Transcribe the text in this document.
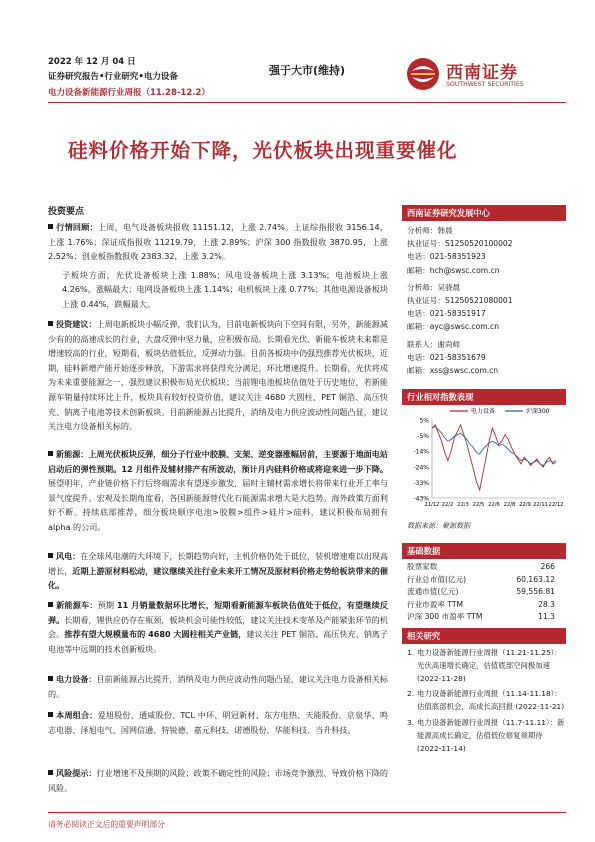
2022 年 12 月 04 日
证券研究报告•行业研究•电力设备
电力设备新能源行业周报（11.28-12.2）
强于大市(维持)	西南证券
SOUTHWEST SECURITIES
硅料价格开始下降，光伏板块出现重要催化
投资要点

行情回顾：上周，电气设备板块报收 11151.12，上涨 2.74%。上证综指报收 3156.14，上涨 1.76%；深证成指报收 11219.79，上涨 2.89%；沪深 300 指数报收 3870.95，上涨 2.52%；创业板指数报收 2383.32，上涨 3.2%。

子板块方面，光伏设备板块上涨 1.88%；风电设备板块上涨 3.13%；电池板块上涨 4.26%，涨幅最大；电网设备板块上涨 1.14%；电机板块上涨 0.77%；其他电源设备板块上涨 0.44%，跌幅最大。

投资建议：上周电新板块小幅反弹，我们认为，目前电新板块向下空间有限，另外，新能源减少有的的高速成长的行业，大盘反弹中坚力量，应积极布局。长期看光伏、新能车板块未来都是增速较高的行业，短期看，板块估值低位，反弹动力强。目前各板块中仍强烈推荐光伏板块，近期，硅料新增产能开始逐步释放，下游需求将获得充分满足，环比增速提升。长期看，光伏将成为未来重要能源之一，强烈建议积极布局光伏板块；当前锂电池板块估值处于历史地位，若新能源车销量持续环比上升，板块具有较好投资价值，建议关注 4680 大圆柱、PET 铜箔、高压快充、钠离子电池等技术创新板块。目前新能源占比提升，消纳及电力供应波动性问题凸显，建议关注电力设备相关标的。

新能源：上周光伏板块反弹，细分子行业中胶膜、支架、逆变器涨幅居前，主要源于地面电站启动后的弹性预期。12 月组件及辅材排产有所波动，预计月内硅料价格或将迎来进一步下降。展望明年，产业链价格下行后终端需求有望逐步激发，届时主辅材需求增长将带来行业开工率与景气度提升。宏观及长期角度看，各国新能源替代化石能源需求增大是大趋势。海外政策方面利好不断。持续底部推荐，细分板块顺序电池>胶膜>组件>硅片>硅料，建议积极布局拥有 alpha 的公司。

风电：在全球风电潮的大环境下，长期趋势向好，主机价格仍处于低位，装机增速难以出现高增长，近期上游原材料松动，建议继续关注行业未来开工情况及原材料价格走势给板块带来的催化。

新能源车：预期 11 月销量数据环比增长，短期看新能源车板块估值处于低位，有望继续反弹。长期看，锂供应仍存在瓶颈，板块机会可能性较低，建议关注技术变革及产能紧张环节的机会。推荐有望大规模量布的 4680 大圆柱相关产业链，建议关注 PET 铜箔、高压快充、钠离子电池等中远期的技术创新板块。

电力设备：目前新能源占比提升，消纳及电力供应波动性问题凸显，建议关注电力设备相关标的。

本周组合：爱旭股份、通威股份、TCL 中环、明冠新材、东方电热、天能股份、京泉华、鸣志电器、泽旭电气、国网信通、特锐德、嘉元科技、诺德股份、华能科技、当升科技。

风险提示：行业增速不及预期的风险；政策不确定性的风险；市场竞争激烈、导致价格下降的风险。

西南证券研究发展中心
分析师：韩晨
执业证号：S1250520100002
电话：021-58351923
邮箱：hch@swsc.com.cn
分析师：吴骁晨
执业证号：S1250521080001
电话：021-58351917
邮箱：ayc@swsc.com.cn
联系人：谢尚师
电话：021-58351679
邮箱：xss@swsc.com.cn
行业相对指数表现
电力设备	沪深300
5%
-5%
-14%
-24%
-33%
-43%
21/12 22/2 22/3 22/5 22/6 22/8 22/9 22/11 22/12
数据来源：聚源数据
基础数据
股票家数	266
行业总市值(亿元)	60,163.12
流通市值(亿元)	59,556.81
行业市盈率 TTM	28.3
沪深 300 市盈率 TTM	11.3
相关研究
1. 电力设备新能源行业周报（11.21-11.25）：光伏高速增长确定，估值底部空间极加速 (2022-11-28)
2. 电力设备新能源行业周报（11.14-11.18）：估值底部机会，高成长高回报 (2022-11-21)
3. 电力设备新能源行业周报（11.7-11.11）：新能源高成长确定，估值低位修复须期待 (2022-11-14)
请务必阅读正文后的重要声明部分
